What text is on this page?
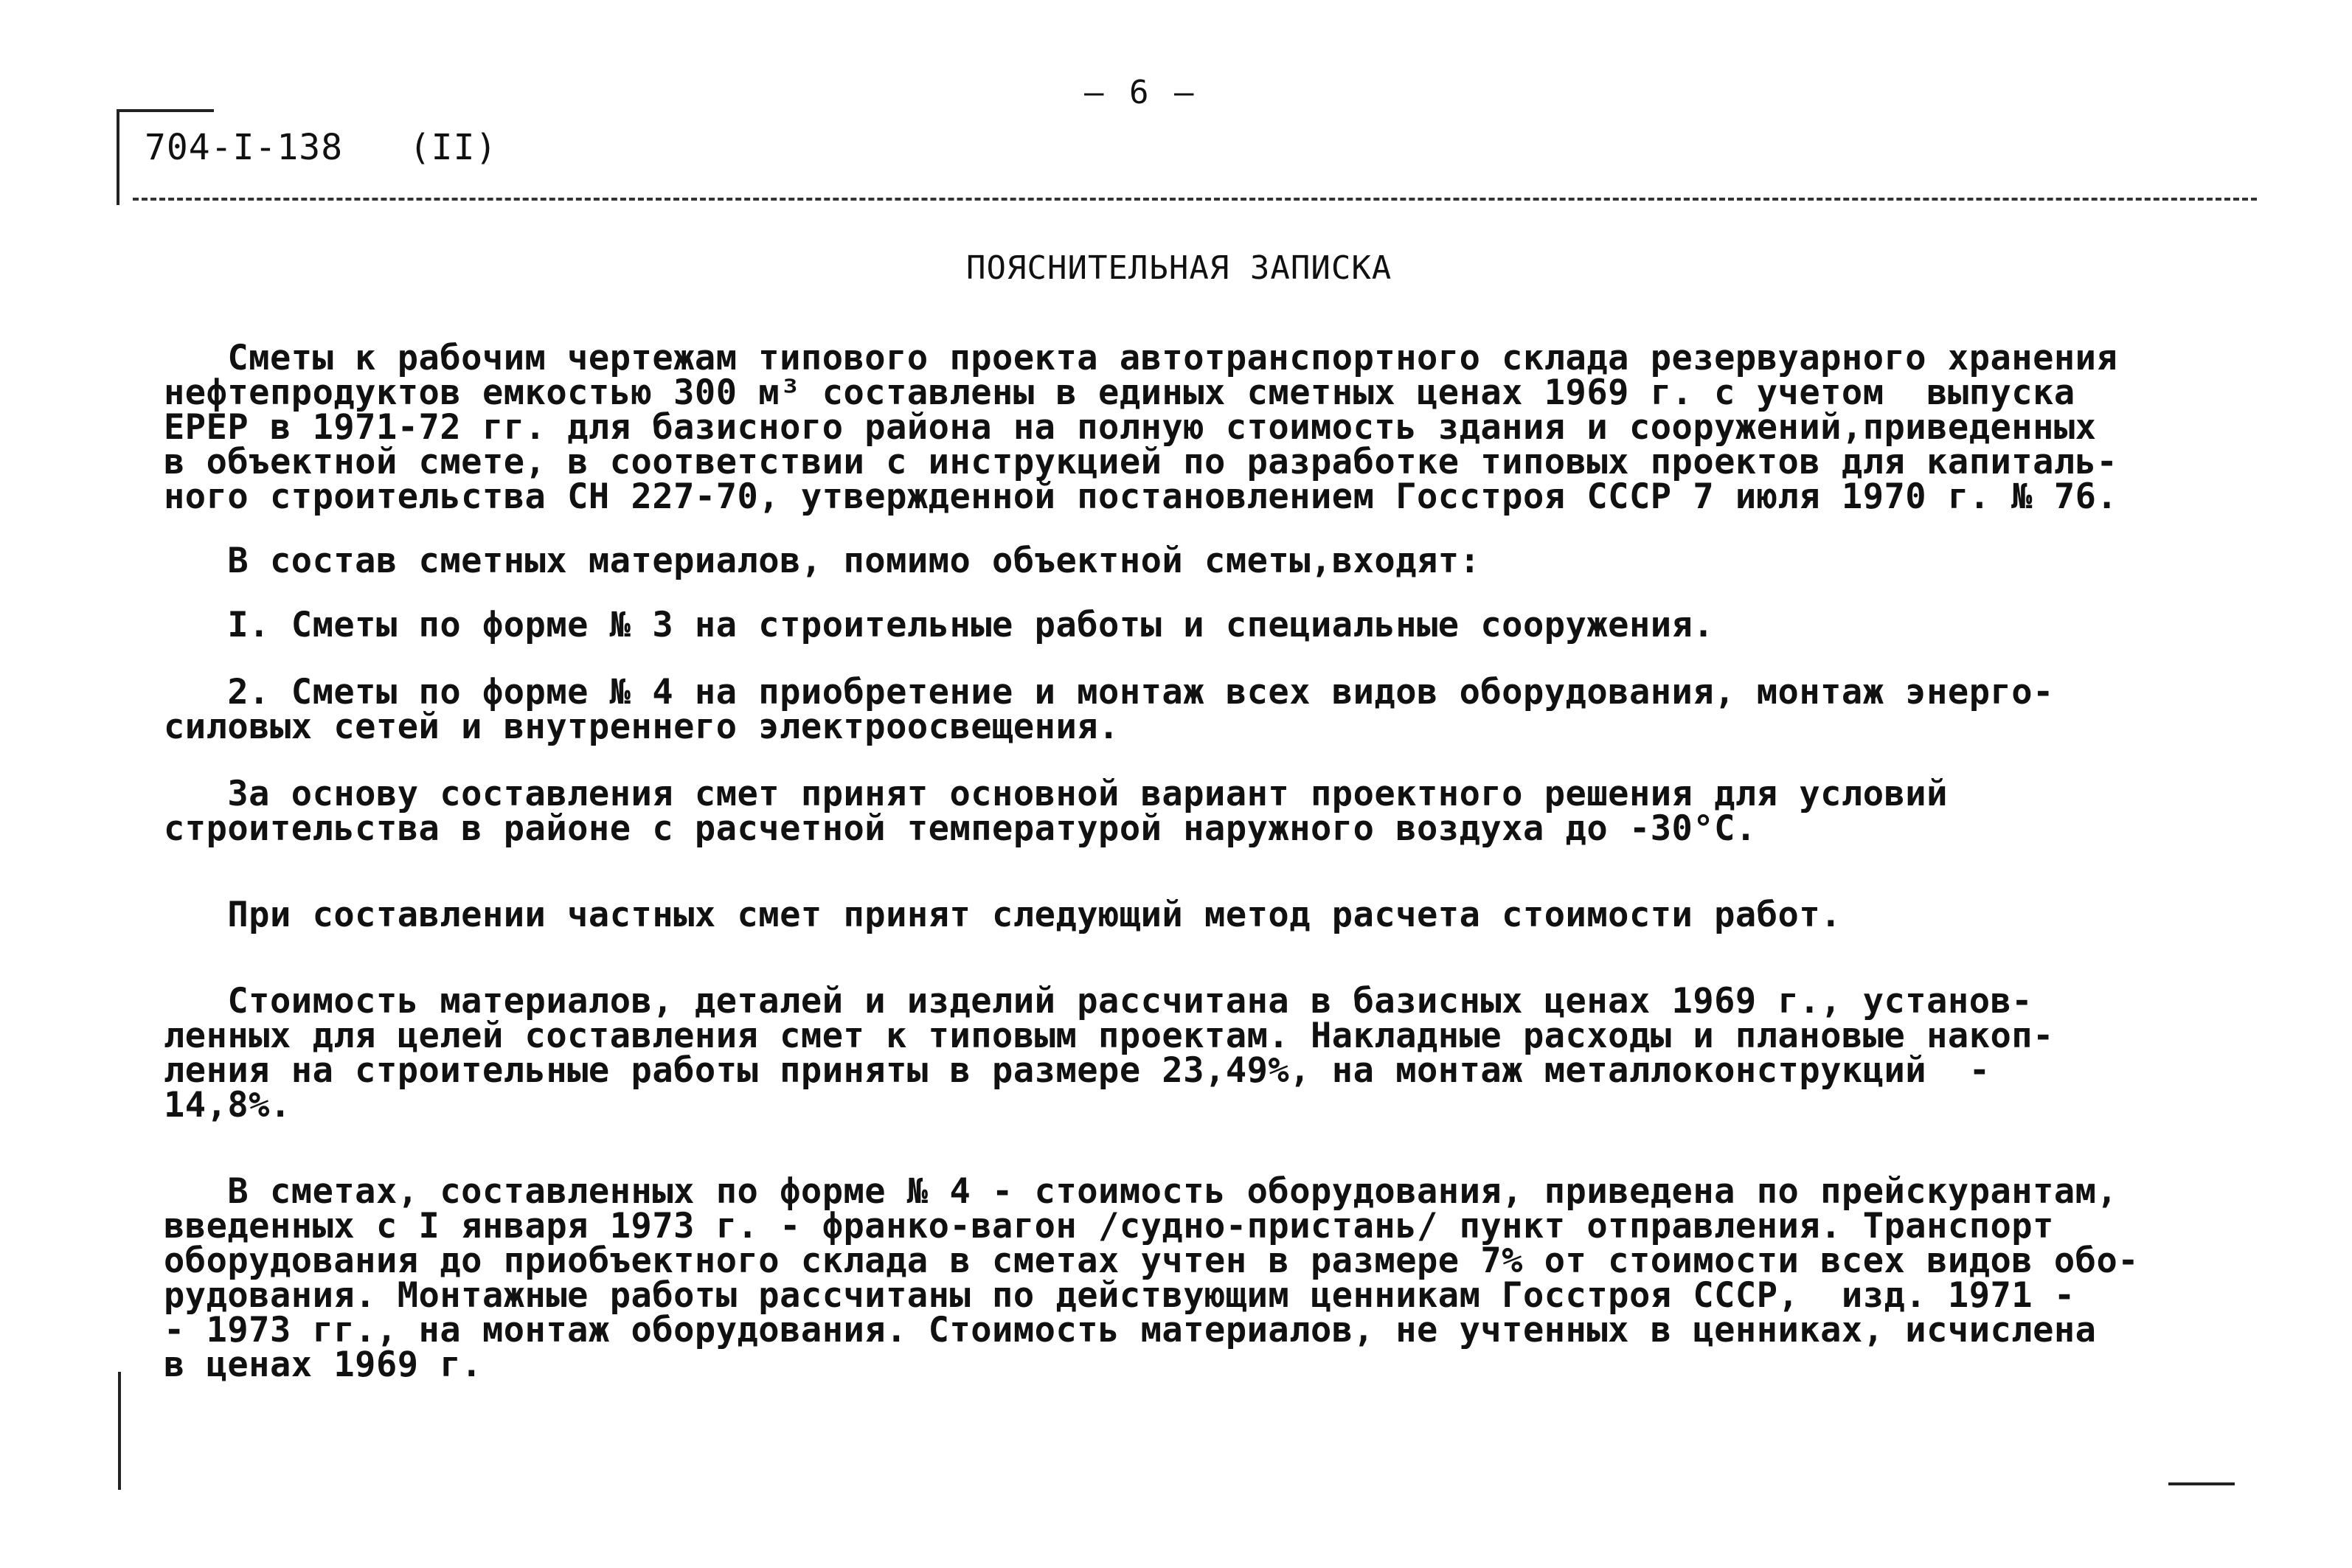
— 6 —
704-I-138   (II)
ПОЯСНИТЕЛЬНАЯ ЗАПИСКА
Сметы к рабочим чертежам типового проекта автотранспортного склада резервуарного хранения
нефтепродуктов емкостью 300 м³ составлены в единых сметных ценах 1969 г. с учетом  выпуска
ЕРЕР в 1971-72 гг. для базисного района на полную стоимость здания и сооружений,приведенных
в объектной смете, в соответствии с инструкцией по разработке типовых проектов для капиталь-
ного строительства СН 227-70, утвержденной постановлением Госстроя СССР 7 июля 1970 г. № 76.
В состав сметных материалов, помимо объектной сметы,входят:
I. Сметы по форме № 3 на строительные работы и специальные сооружения.
2. Сметы по форме № 4 на приобретение и монтаж всех видов оборудования, монтаж энерго-
силовых сетей и внутреннего электроосвещения.
За основу составления смет принят основной вариант проектного решения для условий
строительства в районе с расчетной температурой наружного воздуха до -30°С.
При составлении частных смет принят следующий метод расчета стоимости работ.
Стоимость материалов, деталей и изделий рассчитана в базисных ценах 1969 г., установ-
ленных для целей составления смет к типовым проектам. Накладные расходы и плановые накоп-
ления на строительные работы приняты в размере 23,49%, на монтаж металлоконструкций  -
14,8%.
В сметах, составленных по форме № 4 - стоимость оборудования, приведена по прейскурантам,
введенных с I января 1973 г. - франко-вагон /судно-пристань/ пункт отправления. Транспорт
оборудования до приобъектного склада в сметах учтен в размере 7% от стоимости всех видов обо-
рудования. Монтажные работы рассчитаны по действующим ценникам Госстроя СССР,  изд. 1971 -
- 1973 гг., на монтаж оборудования. Стоимость материалов, не учтенных в ценниках, исчислена
в ценах 1969 г.
